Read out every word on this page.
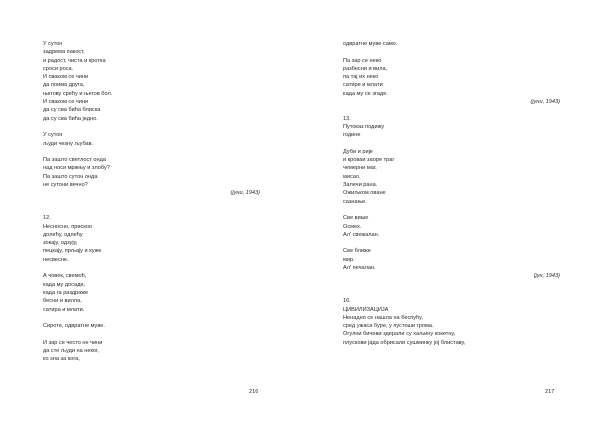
У сутон
задрема пакост,
и радост, чиста и кротка
сроси роса.
И сваком се чини
да поима друга,
његову срећу и његов бол.
И сваком се чини
да су сва бића блиска
да су сва бића једно.
У сутон
људи чезну љубав.
Па зашто светлост онда
над носи мржњу и злобу?
Па зашто сутон онда
не сутони вечно?
(јуни, 1943)
12.
Несносно, прискоо
долећу, одлећу
зокају, одзују,
пецкају, прљају и куже
несвесне.
А човек, свемоћ,
када му досади,
када га раздраже
бесни и вилла,
сатира и млати.
Сироте, одвратне муве.
И зар се често не чини
да сте људи на некoг,
ко зна за кога,
216
одвратне муве само.
Па зар се неко
разбесни и вила,
па тај их неко
сатире и млати
када му се згаде.
(јуни, 1943)
13.
Путоказ подижу
године
Дуби и рије
и кроваи заоре траг
чемерни маг,
мисао.
Залечи рана.
Ожиљком оване
сазнање.
Све више
Осмех.
Ал' свежалан.
Све ближе
мир.
Ал' печалан.
(јун, 1943)
16.
ЦИВИЛИЗАЦИЈА
Ненадно се нашла на беспућу,
сред ужаса буре, у пустоши грома.
Огулни бичеви здерали су хаљину кокетну,
плускови јада обрисали сушминку јој блиставу,
217
